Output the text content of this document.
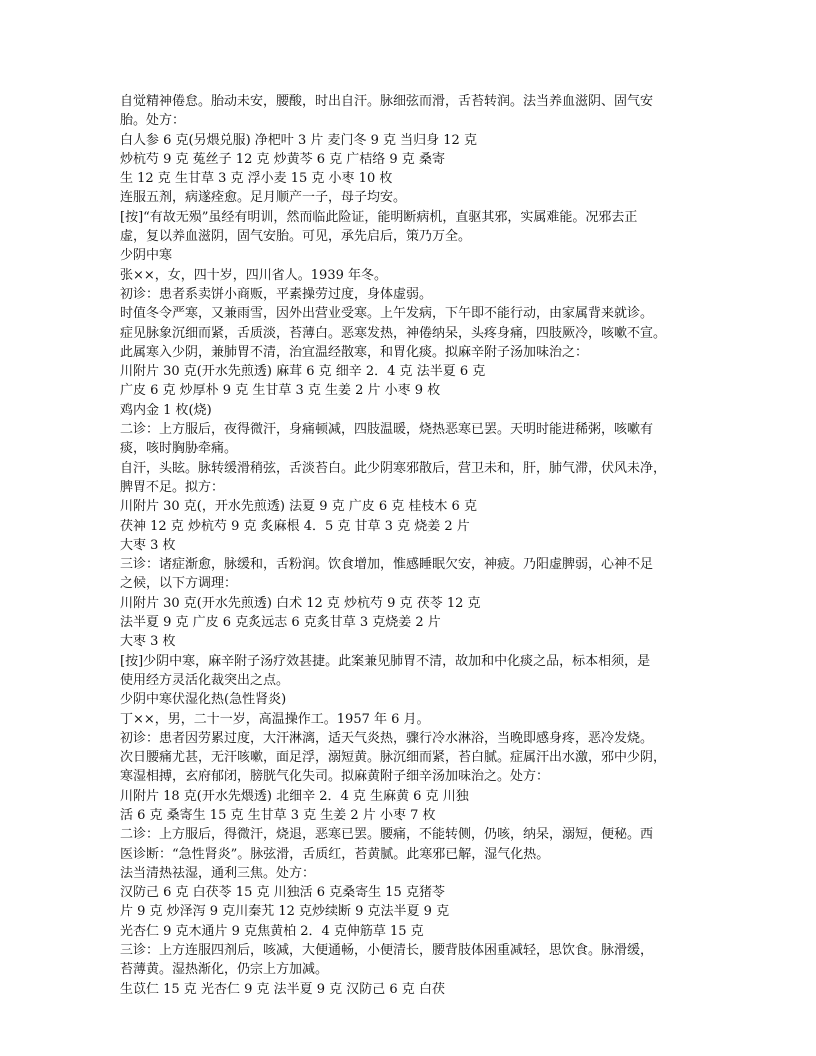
自觉精神倦怠。胎动未安，腰酸，时出自汗。脉细弦而滑，舌苔转润。法当养血滋阴、固气安
胎。处方：
白人参 6 克(另煨兑服) 净杷叶 3 片 麦门冬 9 克 当归身 12 克
炒杭芍 9 克 菟丝子 12 克 炒黄芩 6 克 广桔络 9 克 桑寄
生 12 克 生甘草 3 克 浮小麦 15 克 小枣 10 枚
连服五剂，病遂痊愈。足月顺产一子，母子均安。
[按]“有故无殒”虽经有明训，然而临此险证，能明断病机，直驱其邪，实属难能。况邪去正
虚，复以养血滋阴，固气安胎。可见，承先启后，策乃万全。
少阴中寒
张××，女，四十岁，四川省人。1939 年冬。
初诊：患者系卖饼小商贩，平素操劳过度，身体虚弱。
时值冬令严寒，又兼雨雪，因外出营业受寒。上午发病，下午即不能行动，由家属背来就诊。
症见脉象沉细而紧，舌质淡，苔薄白。恶寒发热，神倦纳呆，头疼身痛，四肢厥冷，咳嗽不宣。
此属寒入少阴，兼肺胃不清，治宜温经散寒，和胃化痰。拟麻辛附子汤加味治之：
川附片 30 克(开水先煎透) 麻茸 6 克 细辛 2．4 克 法半夏 6 克
广皮 6 克 炒厚朴 9 克 生甘草 3 克 生姜 2 片 小枣 9 枚
鸡内金 1 枚(烧)
二诊：上方服后，夜得微汗，身痛顿减，四肢温暖，烧热恶寒已罢。天明时能进稀粥，咳嗽有
痰，咳时胸胁牵痛。
自汗，头眩。脉转缓滑稍弦，舌淡苔白。此少阴寒邪散后，营卫未和，肝，肺气滞，伏风未净，
脾胃不足。拟方：
川附片 30 克(，开水先煎透) 法夏 9 克 广皮 6 克 桂枝木 6 克
茯神 12 克 炒杭芍 9 克 炙麻根 4．5 克 甘草 3 克 烧姜 2 片
大枣 3 枚
三诊：诸症渐愈，脉缓和，舌粉润。饮食增加，惟感睡眠欠安，神疲。乃阳虚脾弱，心神不足
之候，以下方调理：
川附片 30 克(开水先煎透) 白术 12 克 炒杭芍 9 克 茯苓 12 克
法半夏 9 克 广皮 6 克炙远志 6 克炙甘草 3 克烧姜 2 片
大枣 3 枚
[按]少阴中寒，麻辛附子汤疗效甚捷。此案兼见肺胃不清，故加和中化痰之品，标本相须，是
使用经方灵活化裁突出之点。
少阴中寒伏湿化热(急性肾炎)
丁××，男，二十一岁，高温操作工。1957 年 6 月。
初诊：患者因劳累过度，大汗淋漓，适天气炎热，骤行冷水淋浴，当晚即感身疼，恶冷发烧。
次日腰痛尤甚，无汗咳嗽，面足浮，溺短黄。脉沉细而紧，苔白腻。症属汗出水激，邪中少阴，
寒湿相搏，玄府郁闭，膀胱气化失司。拟麻黄附子细辛汤加味治之。处方：
川附片 18 克(开水先煨透) 北细辛 2．4 克 生麻黄 6 克 川独
活 6 克 桑寄生 15 克 生甘草 3 克 生姜 2 片 小枣 7 枚
二诊：上方服后，得微汗，烧退，恶寒已罢。腰痛，不能转侧，仍咳，纳呆，溺短，便秘。西
医诊断：“急性肾炎”。脉弦滑，舌质红，苔黄腻。此寒邪已解，湿气化热。
法当清热祛湿，通利三焦。处方：
汉防己 6 克 白茯苓 15 克 川独活 6 克桑寄生 15 克猪苓
片 9 克 炒泽泻 9 克川秦艽 12 克炒续断 9 克法半夏 9 克
光杏仁 9 克木通片 9 克焦黄柏 2．4 克伸筋草 15 克
三诊：上方连服四剂后，咳减，大便通畅，小便清长，腰背肢体困重减轻，思饮食。脉滑缓，
苔薄黄。湿热渐化，仍宗上方加减。
生苡仁 15 克 光杏仁 9 克 法半夏 9 克 汉防己 6 克 白茯
